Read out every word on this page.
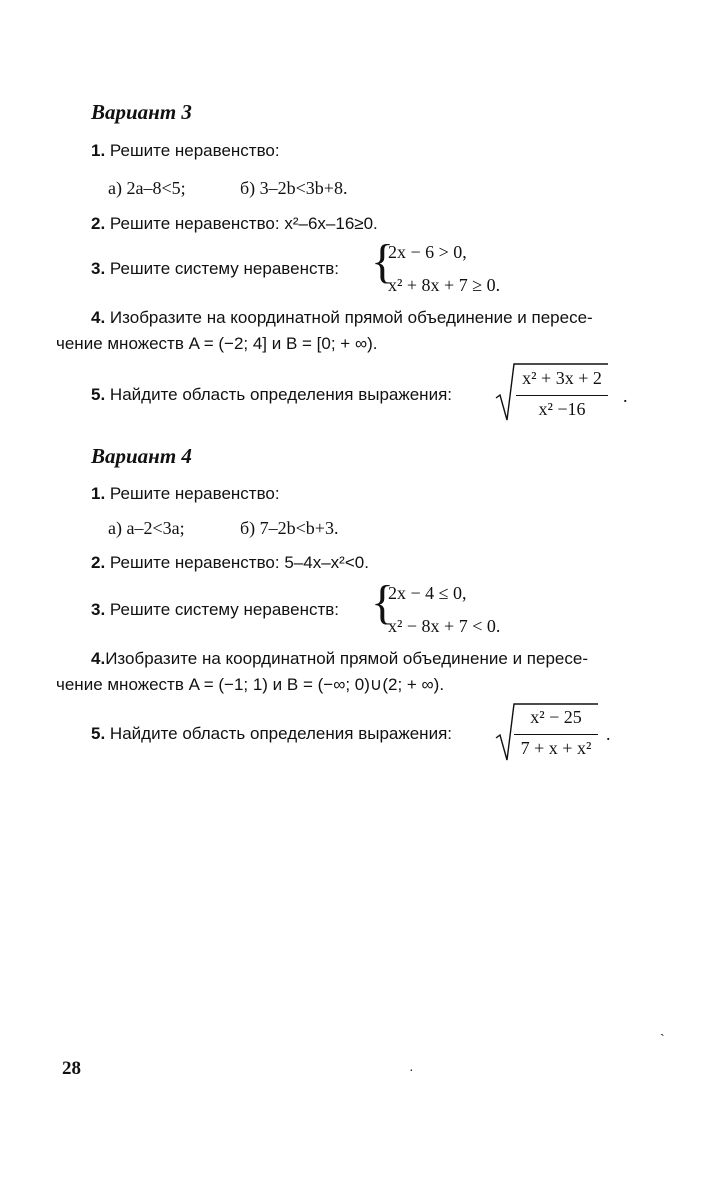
Вариант 3
1. Решите неравенство:
а) 2a–8<5;	б) 3–2b<3b+8.
2. Решите неравенство: x²–6x–16≥0.
3. Решите систему неравенств: {
2x − 6 > 0,
x² + 8x + 7 ≥ 0.
4. Изобразите на координатной прямой объединение и пересе-
чение множеств A = (−2; 4] и B = [0; + ∞).
5. Найдите область определения выражения:
x² + 3x + 2
x² −16
.
Вариант 4
1. Решите неравенство:
а) a–2<3a;	б) 7–2b<b+3.
2. Решите неравенство: 5–4x–x²<0.
3. Решите систему неравенств: {
2x − 4 ≤ 0,
x² − 8x + 7 < 0.
4.Изобразите на координатной прямой объединение и пересе-
чение множеств A = (−1; 1) и B = (−∞; 0)∪(2; + ∞).
5. Найдите область определения выражения:
x² − 25
7 + x + x²
.
28	·
ˎ
